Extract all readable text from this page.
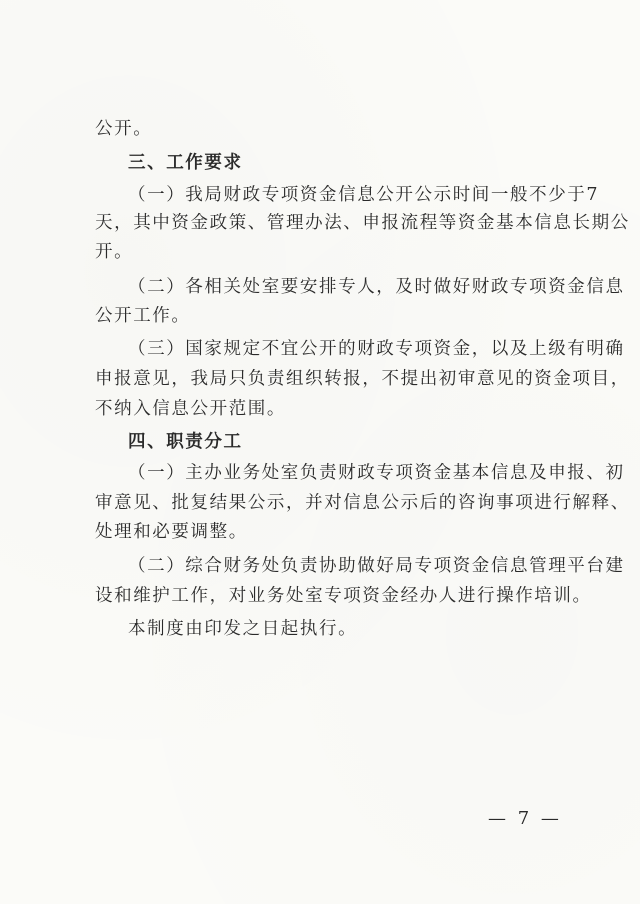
公开。
三、工作要求
（一）我局财政专项资金信息公开公示时间一般不少于7
天，其中资金政策、管理办法、申报流程等资金基本信息长期公
开。
（二）各相关处室要安排专人，及时做好财政专项资金信息
公开工作。
（三）国家规定不宜公开的财政专项资金，以及上级有明确
申报意见，我局只负责组织转报，不提出初审意见的资金项目，
不纳入信息公开范围。
四、职责分工
（一）主办业务处室负责财政专项资金基本信息及申报、初
审意见、批复结果公示，并对信息公示后的咨询事项进行解释、
处理和必要调整。
（二）综合财务处负责协助做好局专项资金信息管理平台建
设和维护工作，对业务处室专项资金经办人进行操作培训。
本制度由印发之日起执行。
— 7 —
